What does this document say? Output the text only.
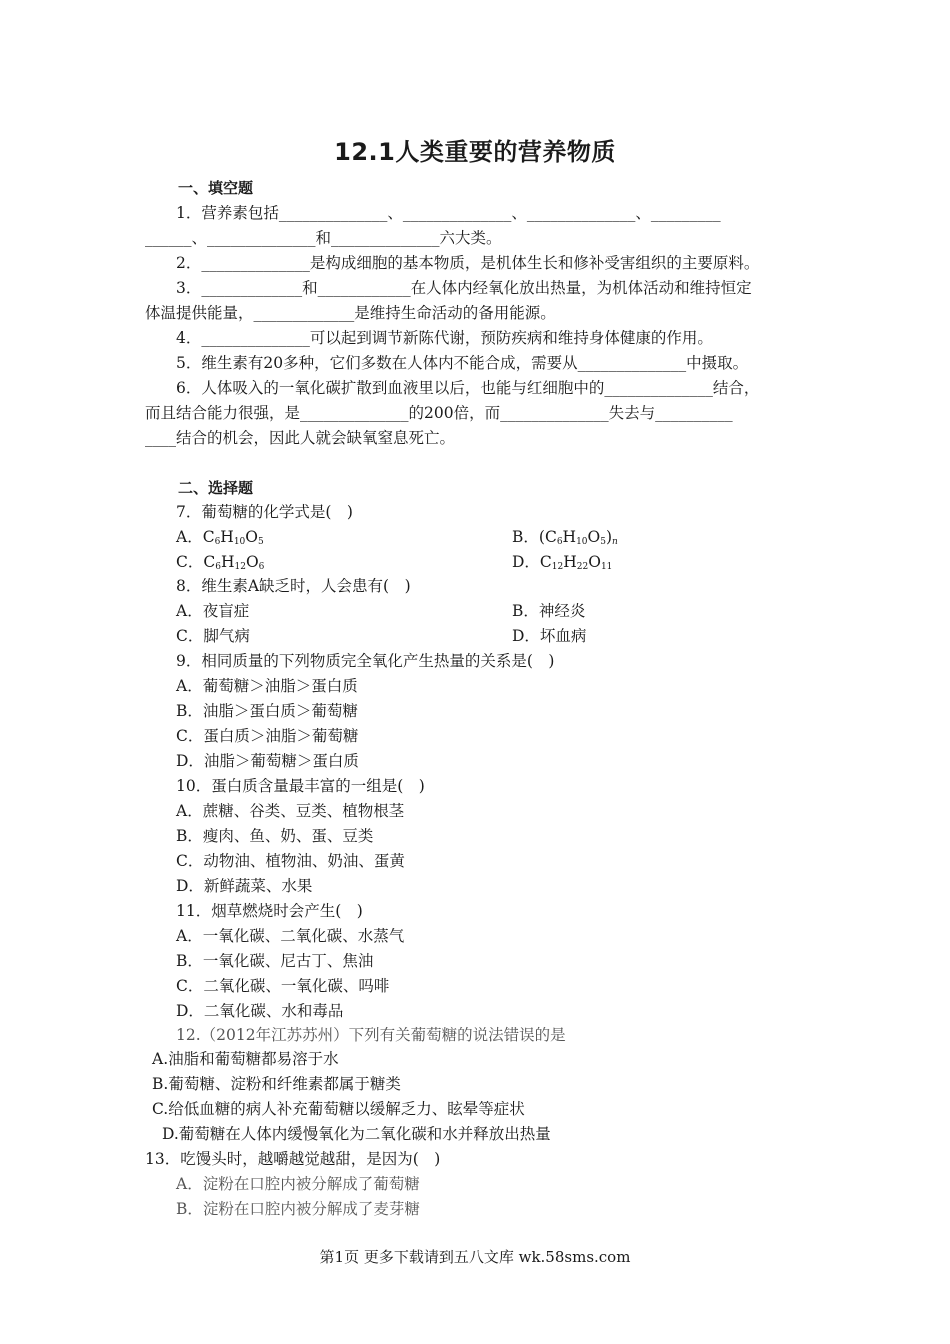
12.1人类重要的营养物质
一、填空题
1．营养素包括______________、______________、______________、_________
______、______________和______________六大类。
2．______________是构成细胞的基本物质，是机体生长和修补受害组织的主要原料。
3．_____________和____________在人体内经氧化放出热量，为机体活动和维持恒定
体温提供能量，_____________是维持生命活动的备用能源。
4．______________可以起到调节新陈代谢，预防疾病和维持身体健康的作用。
5．维生素有20多种，它们多数在人体内不能合成，需要从______________中摄取。
6．人体吸入的一氧化碳扩散到血液里以后，也能与红细胞中的______________结合，
而且结合能力很强，是______________的200倍，而______________失去与__________
____结合的机会，因此人就会缺氧窒息死亡。
二、选择题
7．葡萄糖的化学式是(　)
A．$C_6H_{10}O_5$	B．$(C_6H_{10}O_5)_n$
C．$C_6H_{12}O_6$	D．$C_{12}H_{22}O_{11}$
8．维生素A缺乏时，人会患有(　)
A．夜盲症	B．神经炎
C．脚气病	D．坏血病
9．相同质量的下列物质完全氧化产生热量的关系是(　)
A．葡萄糖＞油脂＞蛋白质
B．油脂＞蛋白质＞葡萄糖
C．蛋白质＞油脂＞葡萄糖
D．油脂＞葡萄糖＞蛋白质
10．蛋白质含量最丰富的一组是(　)
A．蔗糖、谷类、豆类、植物根茎
B．瘦肉、鱼、奶、蛋、豆类
C．动物油、植物油、奶油、蛋黄
D．新鲜蔬菜、水果
11．烟草燃烧时会产生(　)
A．一氧化碳、二氧化碳、水蒸气
B．一氧化碳、尼古丁、焦油
C．二氧化碳、一氧化碳、吗啡
D．二氧化碳、水和毒品
12.（2012年江苏苏州）下列有关葡萄糖的说法错误的是
A.油脂和葡萄糖都易溶于水
B.葡萄糖、淀粉和纤维素都属于糖类
C.给低血糖的病人补充葡萄糖以缓解乏力、眩晕等症状
D.葡萄糖在人体内缓慢氧化为二氧化碳和水并释放出热量
13．吃馒头时，越嚼越觉越甜，是因为(　)
A．淀粉在口腔内被分解成了葡萄糖
B．淀粉在口腔内被分解成了麦芽糖
第1页 更多下载请到五八文库 wk.58sms.com
